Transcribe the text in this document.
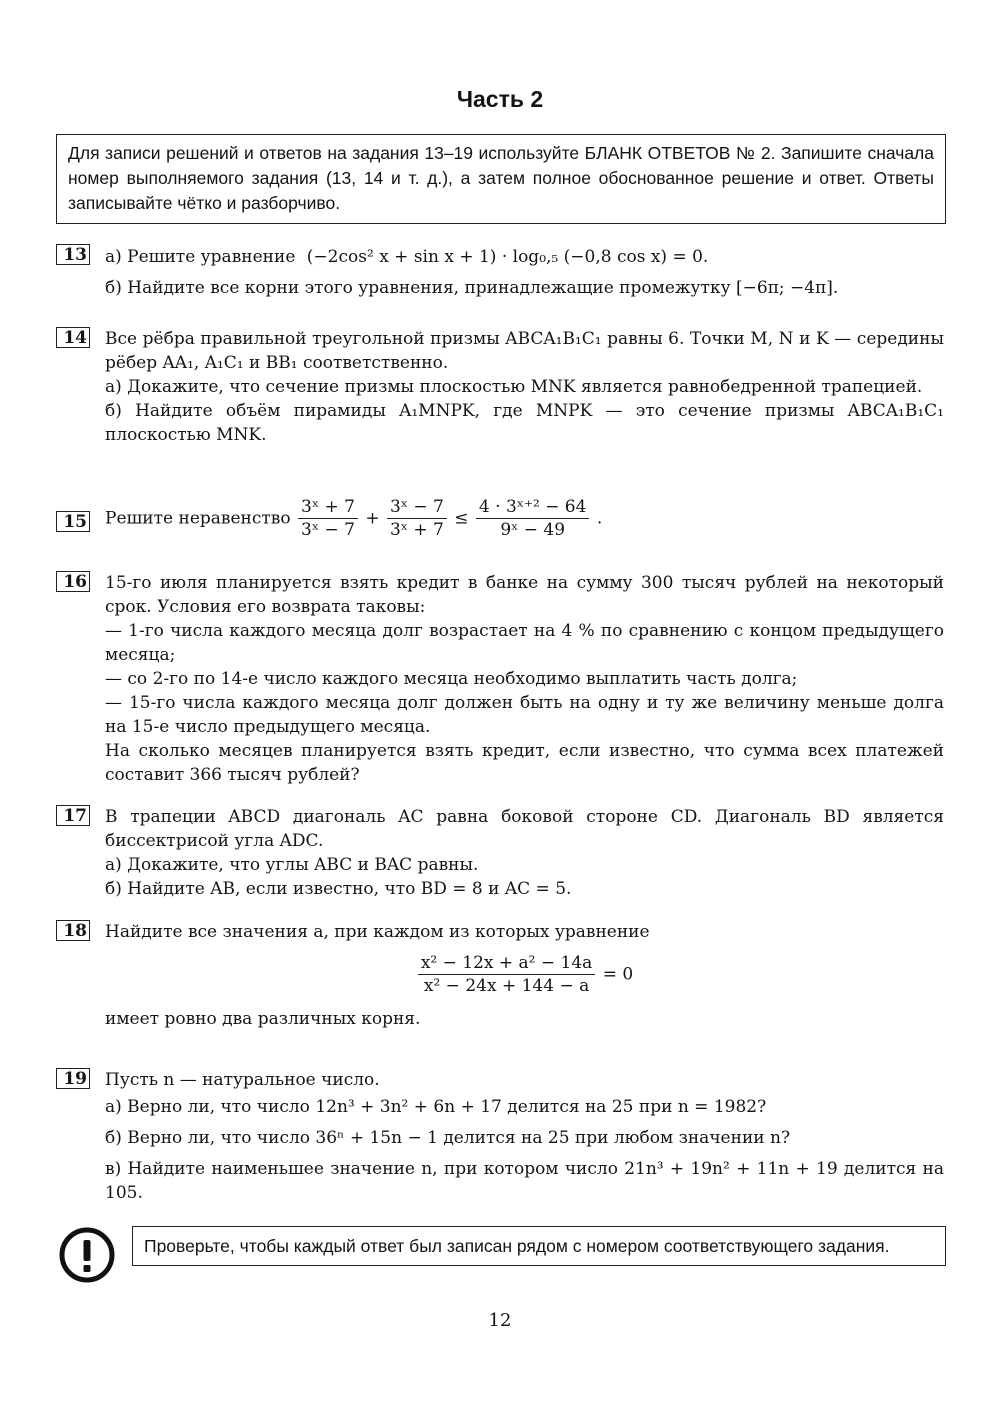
Часть 2
Для записи решений и ответов на задания 13–19 используйте БЛАНК ОТВЕТОВ № 2. Запишите сначала номер выполняемого задания (13, 14 и т. д.), а затем полное обоснованное решение и ответ. Ответы записывайте чётко и разборчиво.
13 а) Решите уравнение (−2cos² x + sin x + 1) · log₀,₅ (−0,8 cos x) = 0.

б) Найдите все корни этого уравнения, принадлежащие промежутку [−6π; −4π].

14 Все рёбра правильной треугольной призмы ABCA₁B₁C₁ равны 6. Точки M, N и K — середины рёбер AA₁, A₁C₁ и BB₁ соответственно.

а) Докажите, что сечение призмы плоскостью MNK является равнобедренной трапецией.

б) Найдите объём пирамиды A₁MNPK, где MNPK — это сечение призмы ABCA₁B₁C₁ плоскостью MNK.

15 Решите неравенство $\frac{\text{3ˣ + 7}}{\text{3ˣ − 7}} + \frac{\text{3ˣ − 7}}{\text{3ˣ + 7}} \le \frac{\text{4 · 3ˣ⁺² − 64}}{\text{9ˣ − 49}}$ .
16 15-го июля планируется взять кредит в банке на сумму 300 тысяч рублей на некоторый срок. Условия его возврата таковы:

— 1-го числа каждого месяца долг возрастает на 4 % по сравнению с концом предыдущего месяца;

— со 2-го по 14-е число каждого месяца необходимо выплатить часть долга;

— 15-го числа каждого месяца долг должен быть на одну и ту же величину меньше долга на 15-е число предыдущего месяца.

На сколько месяцев планируется взять кредит, если известно, что сумма всех платежей составит 366 тысяч рублей?

17 В трапеции ABCD диагональ AC равна боковой стороне CD. Диагональ BD является биссектрисой угла ADC.

а) Докажите, что углы ABC и BAC равны.

б) Найдите AB, если известно, что BD = 8 и AC = 5.

18 Найдите все значения a, при каждом из которых уравнение

$\frac{\text{x² − 12x + a² − 14a}}{\text{x² − 24x + 144 − a}} = 0$

имеет ровно два различных корня.

19 Пусть n — натуральное число.

а) Верно ли, что число 12n³ + 3n² + 6n + 17 делится на 25 при n = 1982?

б) Верно ли, что число 36ⁿ + 15n − 1 делится на 25 при любом значении n?

в) Найдите наименьшее значение n, при котором число 21n³ + 19n² + 11n + 19 делится на 105.

Проверьте, чтобы каждый ответ был записан рядом с номером соответствующего задания.
12
